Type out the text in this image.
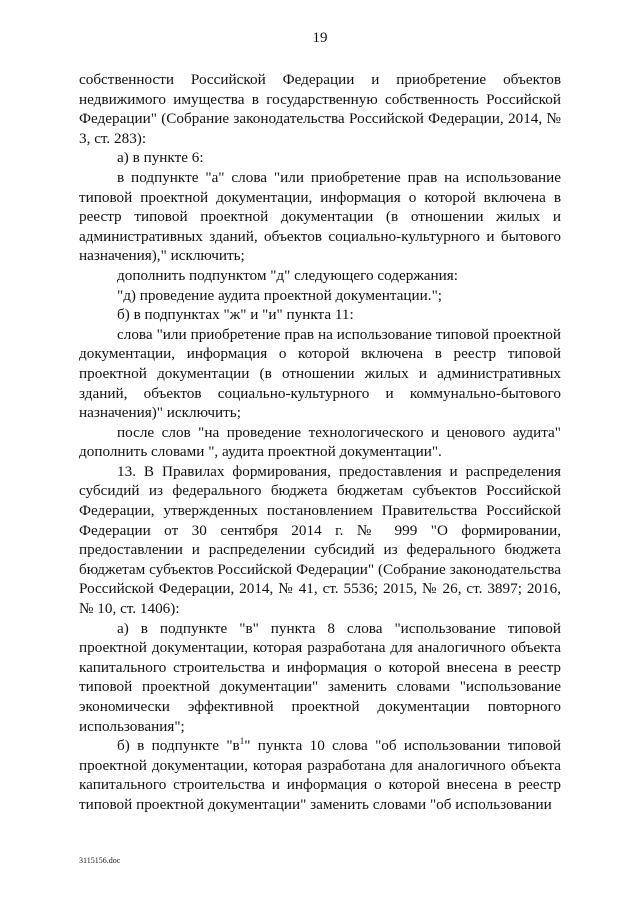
19

собственности Российской Федерации и приобретение объектов недвижимого имущества в государственную собственность Российской Федерации" (Собрание законодательства Российской Федерации, 2014, № 3, ст. 283):

а) в пункте 6:

в подпункте "а" слова "или приобретение прав на использование типовой проектной документации, информация о которой включена в реестр типовой проектной документации (в отношении жилых и административных зданий, объектов социально-культурного и бытового назначения)," исключить;

дополнить подпунктом "д" следующего содержания:

"д) проведение аудита проектной документации.";

б) в подпунктах "ж" и "и" пункта 11:

слова "или приобретение прав на использование типовой проектной документации, информация о которой включена в реестр типовой проектной документации (в отношении жилых и административных зданий, объектов социально-культурного и коммунально-бытового назначения)" исключить;

после слов "на проведение технологического и ценового аудита" дополнить словами ", аудита проектной документации".

13. В Правилах формирования, предоставления и распределения субсидий из федерального бюджета бюджетам субъектов Российской Федерации, утвержденных постановлением Правительства Российской Федерации от 30 сентября 2014 г. № 999 "О формировании, предоставлении и распределении субсидий из федерального бюджета бюджетам субъектов Российской Федерации" (Собрание законодательства Российской Федерации, 2014, № 41, ст. 5536; 2015, № 26, ст. 3897; 2016, № 10, ст. 1406):

а) в подпункте "в" пункта 8 слова "использование типовой проектной документации, которая разработана для аналогичного объекта капитального строительства и информация о которой внесена в реестр типовой проектной документации" заменить словами "использование экономически эффективной проектной документации повторного использования";

б) в подпункте "$в^1$" пункта 10 слова "об использовании типовой проектной документации, которая разработана для аналогичного объекта капитального строительства и информация о которой внесена в реестр типовой проектной документации" заменить словами "об использовании

3115156.doc
